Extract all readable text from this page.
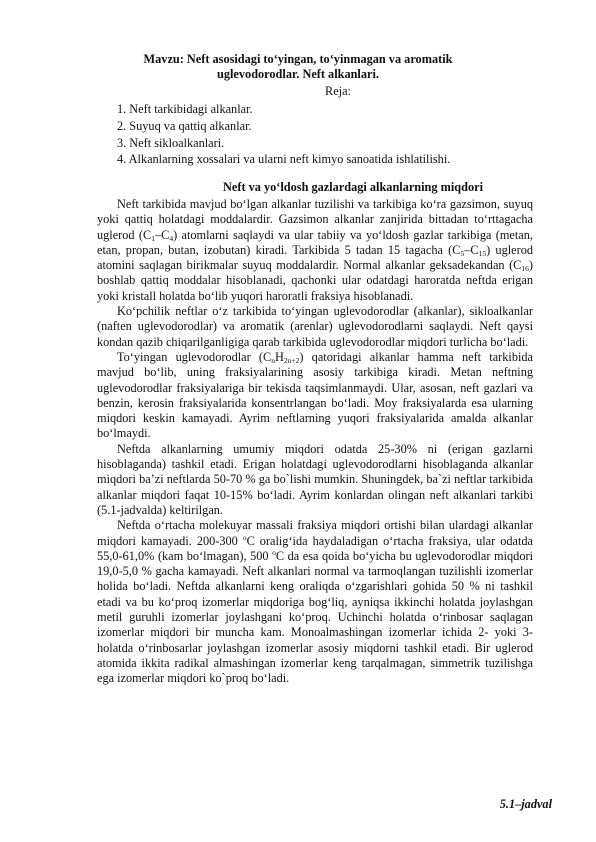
Mavzu: Neft asosidagi to‘yingan, to‘yinmagan va aromatik
uglevodorodlar. Neft alkanlari.
Reja:
1. Neft tarkibidagi alkanlar.
2. Suyuq va qattiq alkanlar.
3. Neft sikloalkanlari.
4. Alkanlarning xossalari va ularni neft kimyo sanoatida ishlatilishi.
Neft va yo‘ldosh gazlardagi alkanlarning miqdori

Neft tarkibida mavjud bo‘lgan alkanlar tuzilishi va tarkibiga ko‘ra gazsimon, suyuq yoki qattiq holatdagi moddalardir. Gazsimon alkanlar zanjirida bittadan to‘rttagacha uglerod $(C_1-C_4)$ atomlarni saqlaydi va ular tabiiy va yo‘ldosh gazlar tarkibiga (metan, etan, propan, butan, izobutan) kiradi. Tarkibida 5 tadan 15 tagacha $(C_5-C_{15})$ uglerod atomini saqlagan birikmalar suyuq moddalardir. Normal alkanlar geksadekandan $(C_{16})$ boshlab qattiq moddalar hisoblanadi, qachonki ular odatdagi haroratda neftda erigan yoki kristall holatda bo‘lib yuqori haroratli fraksiya hisoblanadi.

Ko‘pchilik neftlar o‘z tarkibida to‘yingan uglevodorodlar (alkanlar), sikloalkanlar (naften uglevodorodlar) va aromatik (arenlar) uglevodorodlarni saqlaydi. Neft qaysi kondan qazib chiqarilganligiga qarab tarkibida uglevodorodlar miqdori turlicha bo‘ladi.

To‘yingan uglevodorodlar $(C_nH_{2n+2})$ qatoridagi alkanlar hamma neft tarkibida mavjud bo‘lib, uning fraksiyalarining asosiy tarkibiga kiradi. Metan neftning uglevodorodlar fraksiyalariga bir tekisda taqsimlanmaydi. Ular, asosan, neft gazlari va benzin, kerosin fraksiyalarida konsentrlangan bo‘ladi. Moy fraksiyalarda esa ularning miqdori keskin kamayadi. Ayrim neftlarning yuqori fraksiyalarida amalda alkanlar bo‘lmaydi.

Neftda alkanlarning umumiy miqdori odatda 25-30% ni (erigan gazlarni hisoblaganda) tashkil etadi. Erigan holatdagi uglevodorodlarni hisoblaganda alkanlar miqdori ba’zi neftlarda 50-70 % ga bo`lishi mumkin. Shuningdek, ba`zi neftlar tarkibida alkanlar miqdori faqat 10-15% bo‘ladi. Ayrim konlardan olingan neft alkanlari tarkibi (5.1-jadvalda) keltirilgan.

Neftda o‘rtacha molekuyar massali fraksiya miqdori ortishi bilan ulardagi alkanlar miqdori kamayadi. 200-300 $^o$C oralig‘ida haydaladigan o‘rtacha fraksiya, ular odatda 55,0-61,0% (kam bo‘lmagan), 500 $^o$C da esa qoida bo‘yicha bu uglevodorodlar miqdori 19,0-5,0 % gacha kamayadi. Neft alkanlari normal va tarmoqlangan tuzilishli izomerlar holida bo‘ladi. Neftda alkanlarni keng oraliqda o‘zgarishlari gohida 50 % ni tashkil etadi va bu ko‘proq izomerlar miqdoriga bog‘liq, ayniqsa ikkinchi holatda joylashgan metil guruhli izomerlar joylashgani ko‘proq. Uchinchi holatda o‘rinbosar saqlagan izomerlar miqdori bir muncha kam. Monoalmashingan izomerlar ichida 2- yoki 3-holatda o‘rinbosarlar joylashgan izomerlar asosiy miqdorni tashkil etadi. Bir uglerod atomida ikkita radikal almashingan izomerlar keng tarqalmagan, simmetrik tuzilishga ega izomerlar miqdori ko`proq bo‘ladi.

5.1–jadval
